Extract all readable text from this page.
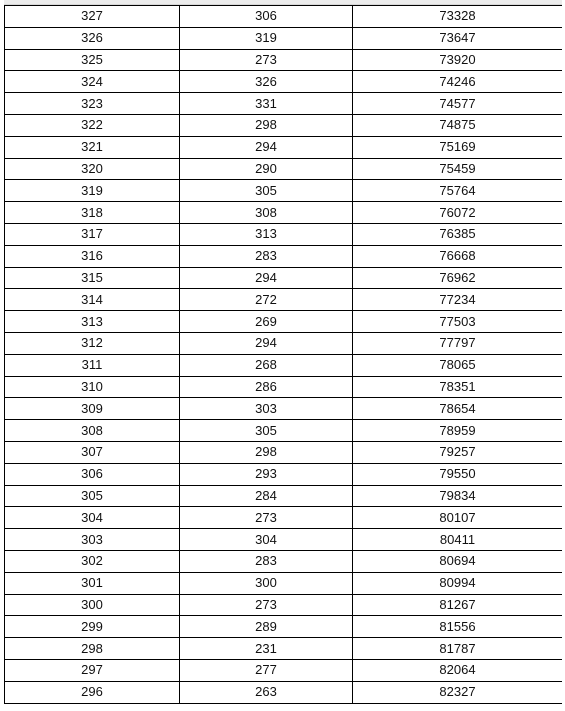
327	306	73328
326	319	73647
325	273	73920
324	326	74246
323	331	74577
322	298	74875
321	294	75169
320	290	75459
319	305	75764
318	308	76072
317	313	76385
316	283	76668
315	294	76962
314	272	77234
313	269	77503
312	294	77797
311	268	78065
310	286	78351
309	303	78654
308	305	78959
307	298	79257
306	293	79550
305	284	79834
304	273	80107
303	304	80411
302	283	80694
301	300	80994
300	273	81267
299	289	81556
298	231	81787
297	277	82064
296	263	82327
